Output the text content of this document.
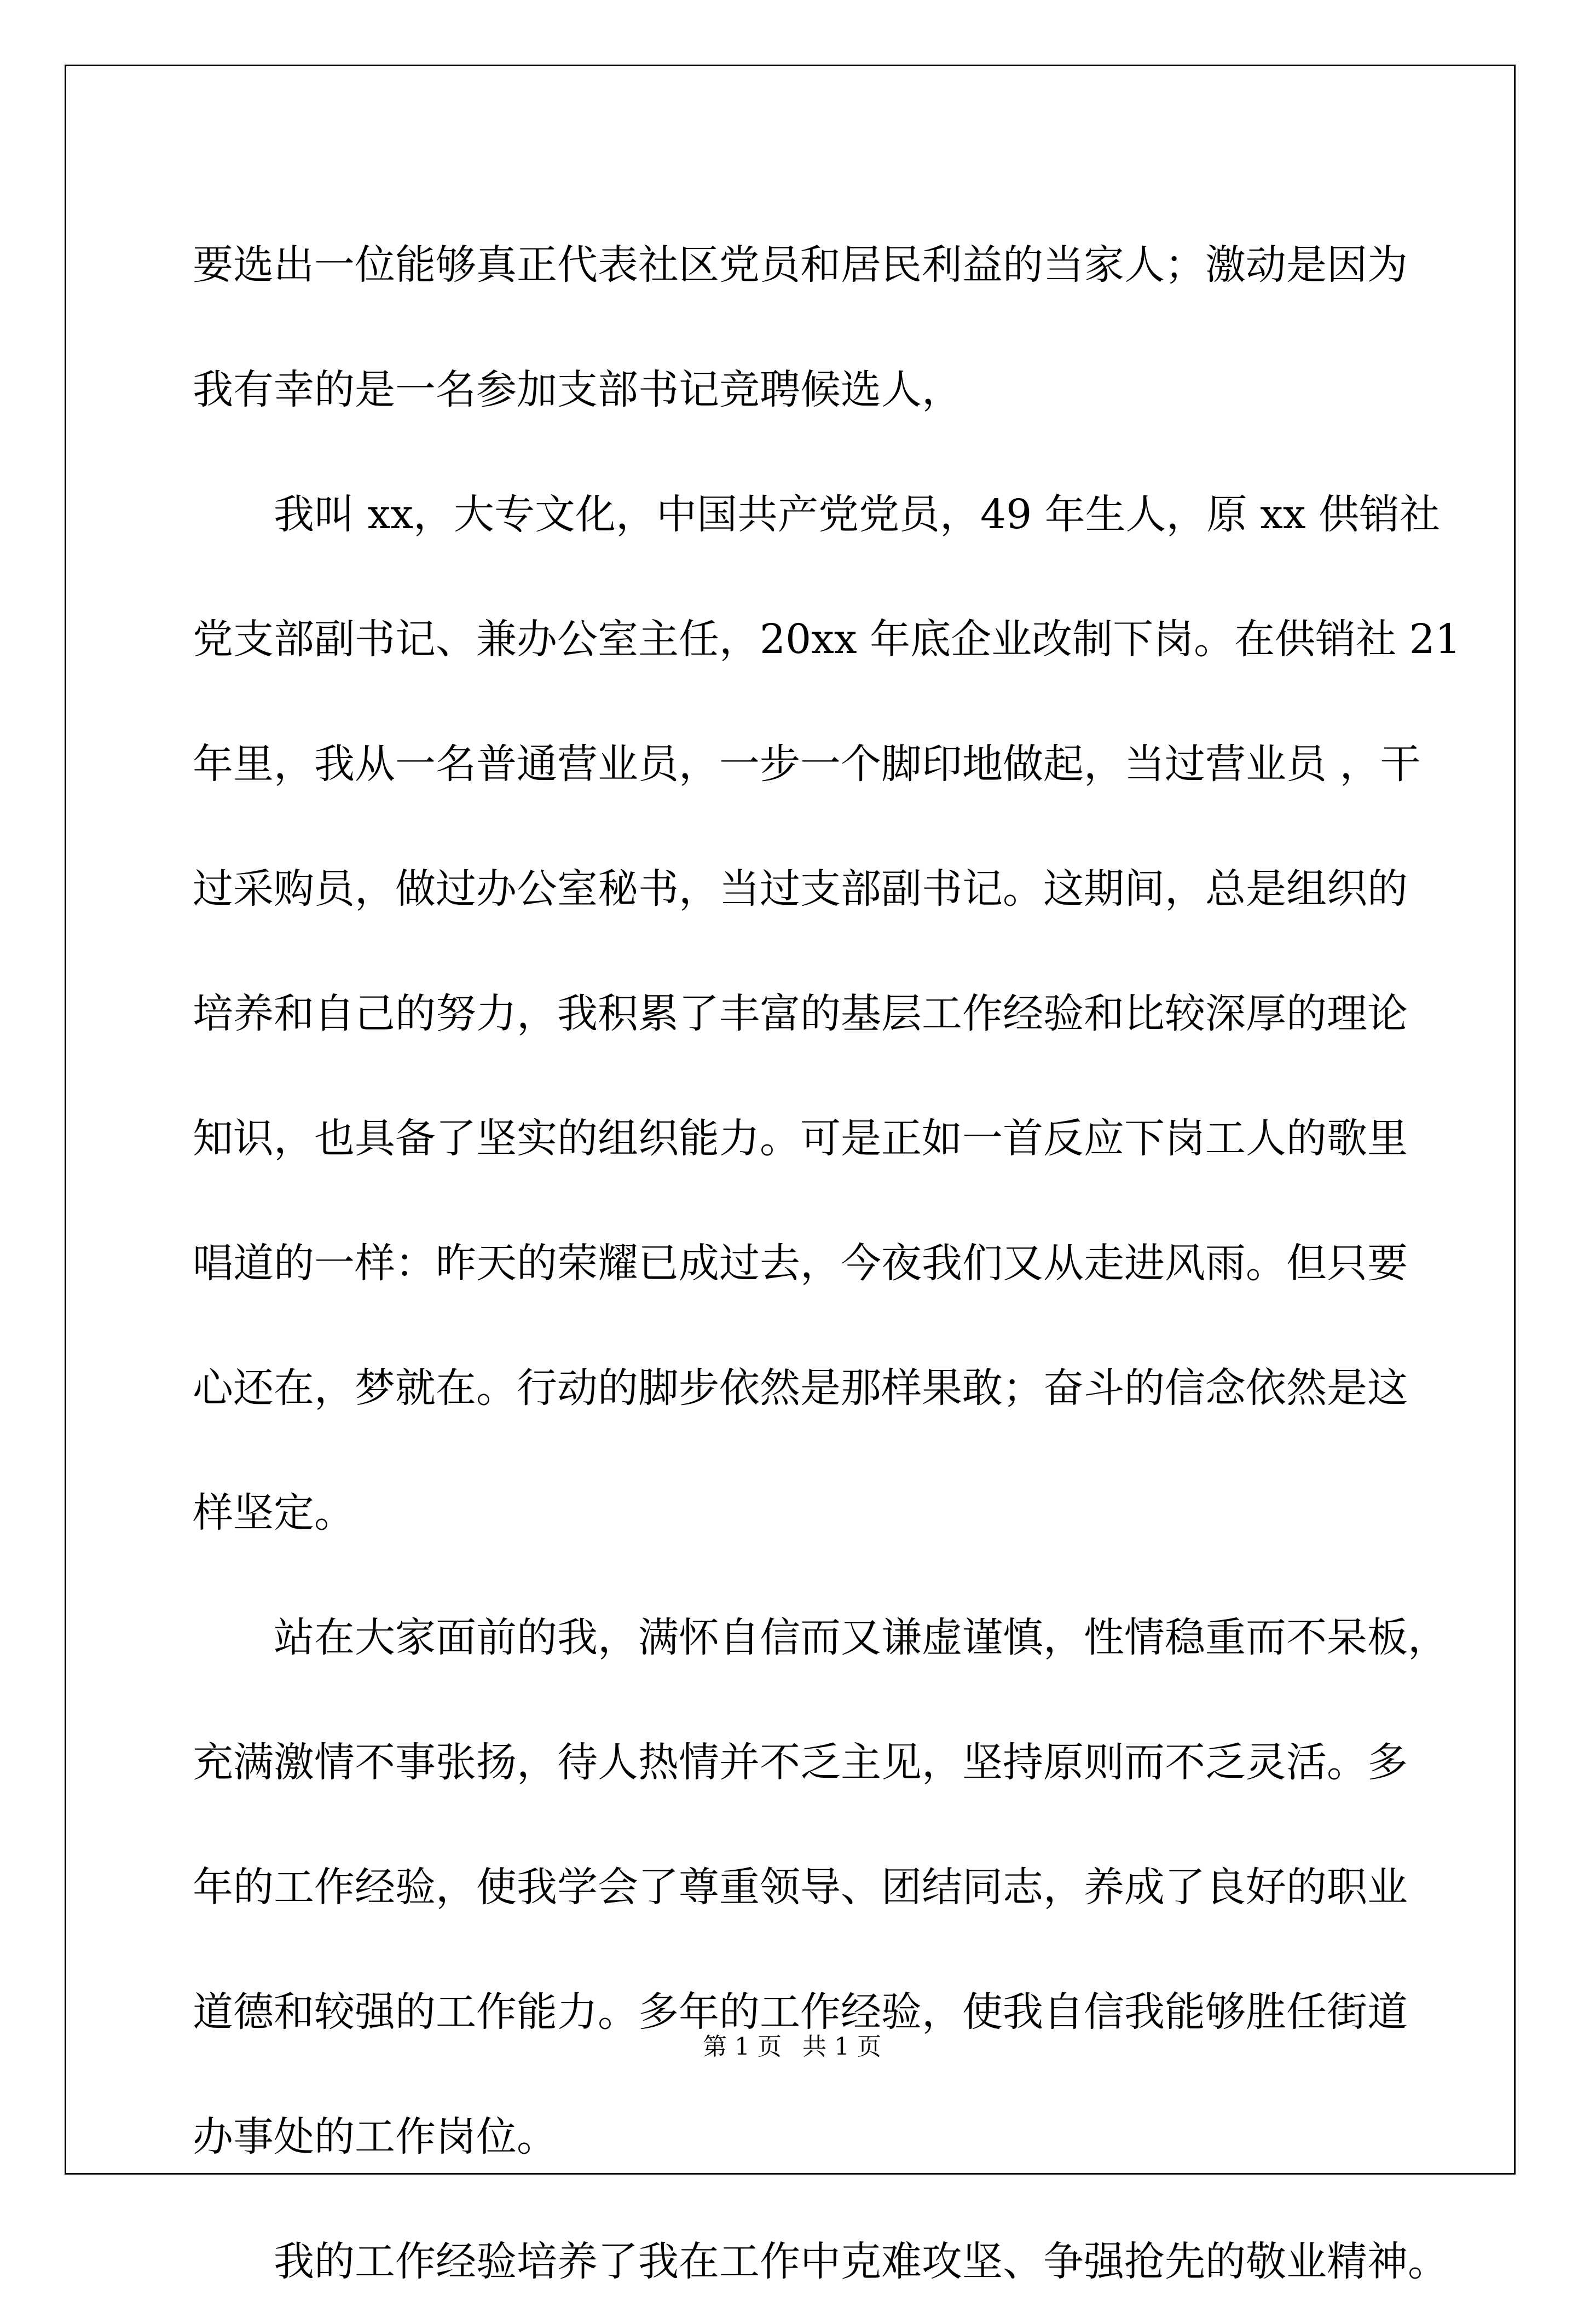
要选出一位能够真正代表社区党员和居民利益的当家人；激动是因为
我有幸的是一名参加支部书记竞聘候选人，
我叫 xx，大专文化，中国共产党党员，49 年生人，原 xx 供销社
党支部副书记、兼办公室主任，20xx 年底企业改制下岗。在供销社 21
年里，我从一名普通营业员，一步一个脚印地做起，当过营业员 ，干
过采购员，做过办公室秘书，当过支部副书记。这期间，总是组织的
培养和自己的努力，我积累了丰富的基层工作经验和比较深厚的理论
知识，也具备了坚实的组织能力。可是正如一首反应下岗工人的歌里
唱道的一样：昨天的荣耀已成过去，今夜我们又从走进风雨。但只要
心还在，梦就在。行动的脚步依然是那样果敢；奋斗的信念依然是这
样坚定。
站在大家面前的我，满怀自信而又谦虚谨慎，性情稳重而不呆板，
充满激情不事张扬，待人热情并不乏主见，坚持原则而不乏灵活。多
年的工作经验，使我学会了尊重领导、团结同志，养成了良好的职业
道德和较强的工作能力。多年的工作经验，使我自信我能够胜任街道
办事处的工作岗位。
我的工作经验培养了我在工作中克难攻坚、争强抢先的敬业精神。
第 1 页 共 1 页
